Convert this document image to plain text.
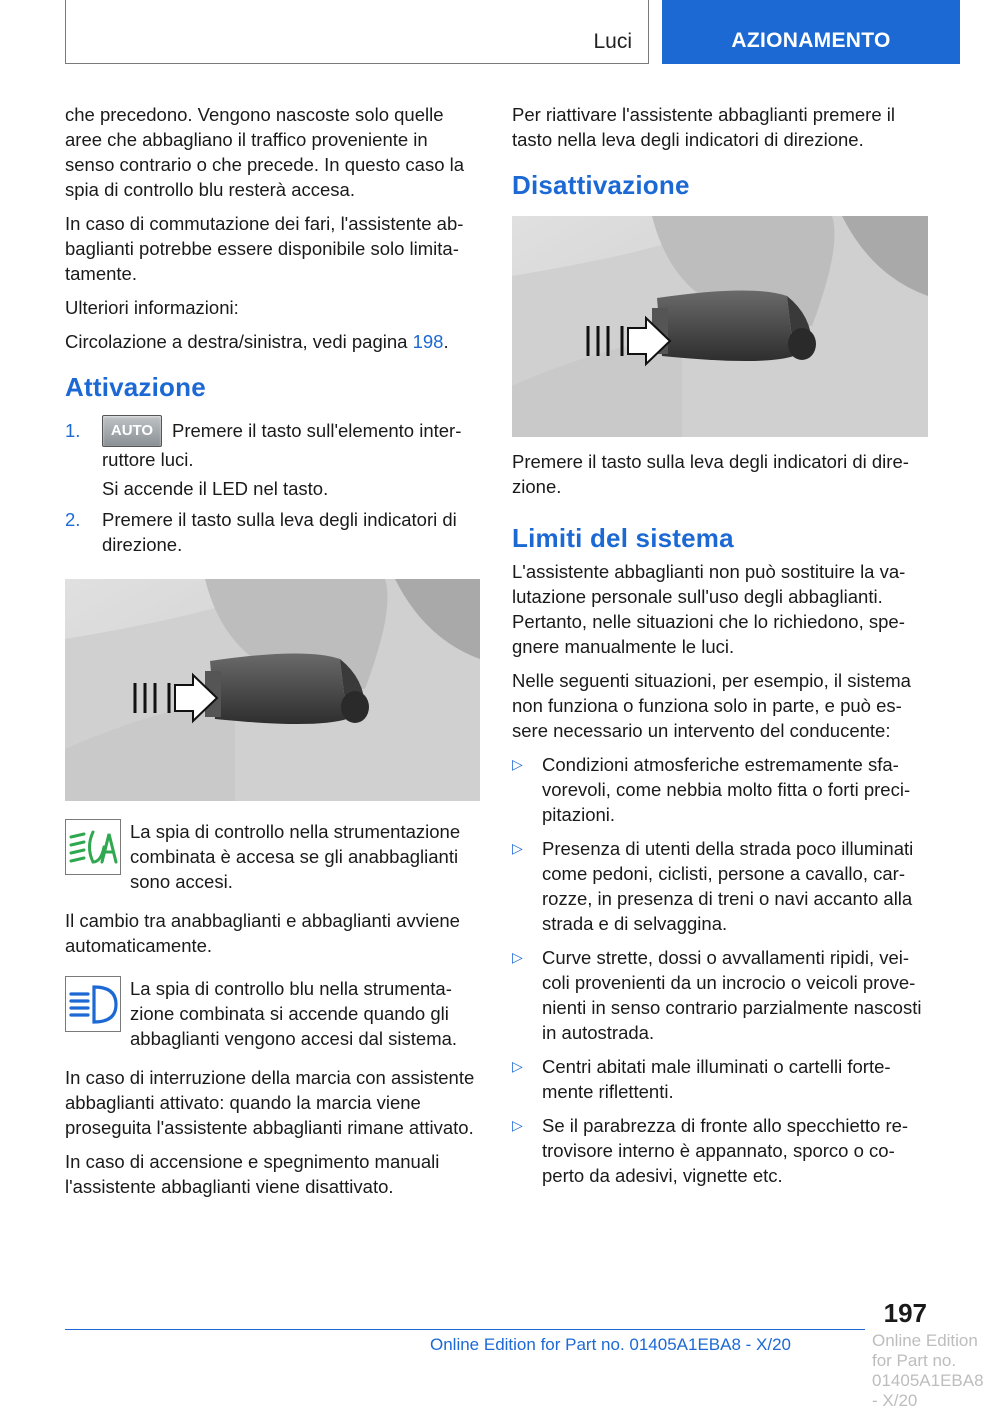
Luci	AZIONAMENTO

che precedono. Vengono nascoste solo quelle aree che abbagliano il traffico proveniente in senso contrario o che precede. In questo caso la spia di controllo blu resterà accesa.

In caso di commutazione dei fari, l'assistente abbaglianti potrebbe essere disponibile solo limitatamente.

Ulteriori informazioni:

Circolazione a destra/sinistra, vedi pagina 198.

Attivazione
1. AUTO Premere il tasto sull'elemento interruttore luci.
Si accende il LED nel tasto.
2. Premere il tasto sulla leva degli indicatori di direzione.
La spia di controllo nella strumentazione combinata è accesa se gli anabbaglianti sono accesi.

Il cambio tra anabbaglianti e abbaglianti avviene automaticamente.

La spia di controllo blu nella strumentazione combinata si accende quando gli abbaglianti vengono accesi dal sistema.

In caso di interruzione della marcia con assistente abbaglianti attivato: quando la marcia viene proseguita l'assistente abbaglianti rimane attivato.

In caso di accensione e spegnimento manuali l'assistente abbaglianti viene disattivato.

Per riattivare l'assistente abbaglianti premere il tasto nella leva degli indicatori di direzione.

Disattivazione

Premere il tasto sulla leva degli indicatori di direzione.

Limiti del sistema

L'assistente abbaglianti non può sostituire la valutazione personale sull'uso degli abbaglianti. Pertanto, nelle situazioni che lo richiedono, spegnere manualmente le luci.

Nelle seguenti situazioni, per esempio, il sistema non funziona o funziona solo in parte, e può essere necessario un intervento del conducente:

▷ Condizioni atmosferiche estremamente sfavorevoli, come nebbia molto fitta o forti precipitazioni.
▷ Presenza di utenti della strada poco illuminati come pedoni, ciclisti, persone a cavallo, carrozze, in presenza di treni o navi accanto alla strada e di selvaggina.
▷ Curve strette, dossi o avvallamenti ripidi, veicoli provenienti da un incrocio o veicoli provenienti in senso contrario parzialmente nascosti in autostrada.
▷ Centri abitati male illuminati o cartelli fortemente riflettenti.
▷ Se il parabrezza di fronte allo specchietto retrovisore interno è appannato, sporco o coperto da adesivi, vignette etc.
197
Online Edition for Part no. 01405A1EBA8 - X/20	Online Edition for Part no. 01405A1EBA8 - X/20
